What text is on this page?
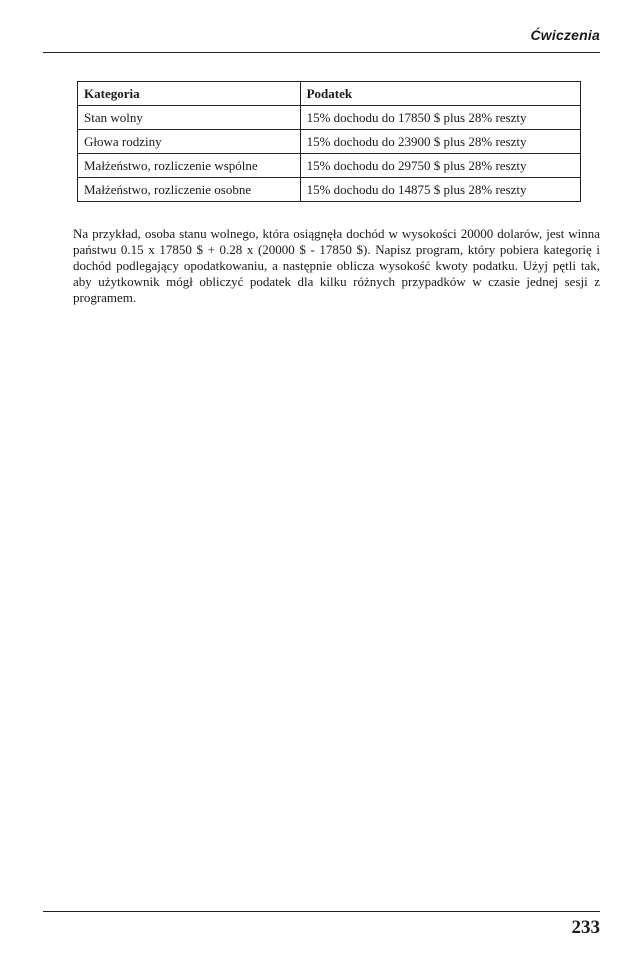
Ćwiczenia
Kategoria	Podatek
Stan wolny	15% dochodu do 17850 $ plus 28% reszty
Głowa rodziny	15% dochodu do 23900 $ plus 28% reszty
Małżeństwo, rozliczenie wspólne	15% dochodu do 29750 $ plus 28% reszty
Małżeństwo, rozliczenie osobne	15% dochodu do 14875 $ plus 28% reszty

Na przykład, osoba stanu wolnego, która osiągnęła dochód w wysokości 20000 dolarów, jest winna państwu 0.15 x 17850 $ + 0.28 x (20000 $ - 17850 $). Napisz program, który pobiera kategorię i dochód podlegający opodatkowaniu, a następnie oblicza wysokość kwoty podatku. Użyj pętli tak, aby użytkownik mógł obliczyć podatek dla kilku różnych przypadków w czasie jednej sesji z programem.

233
